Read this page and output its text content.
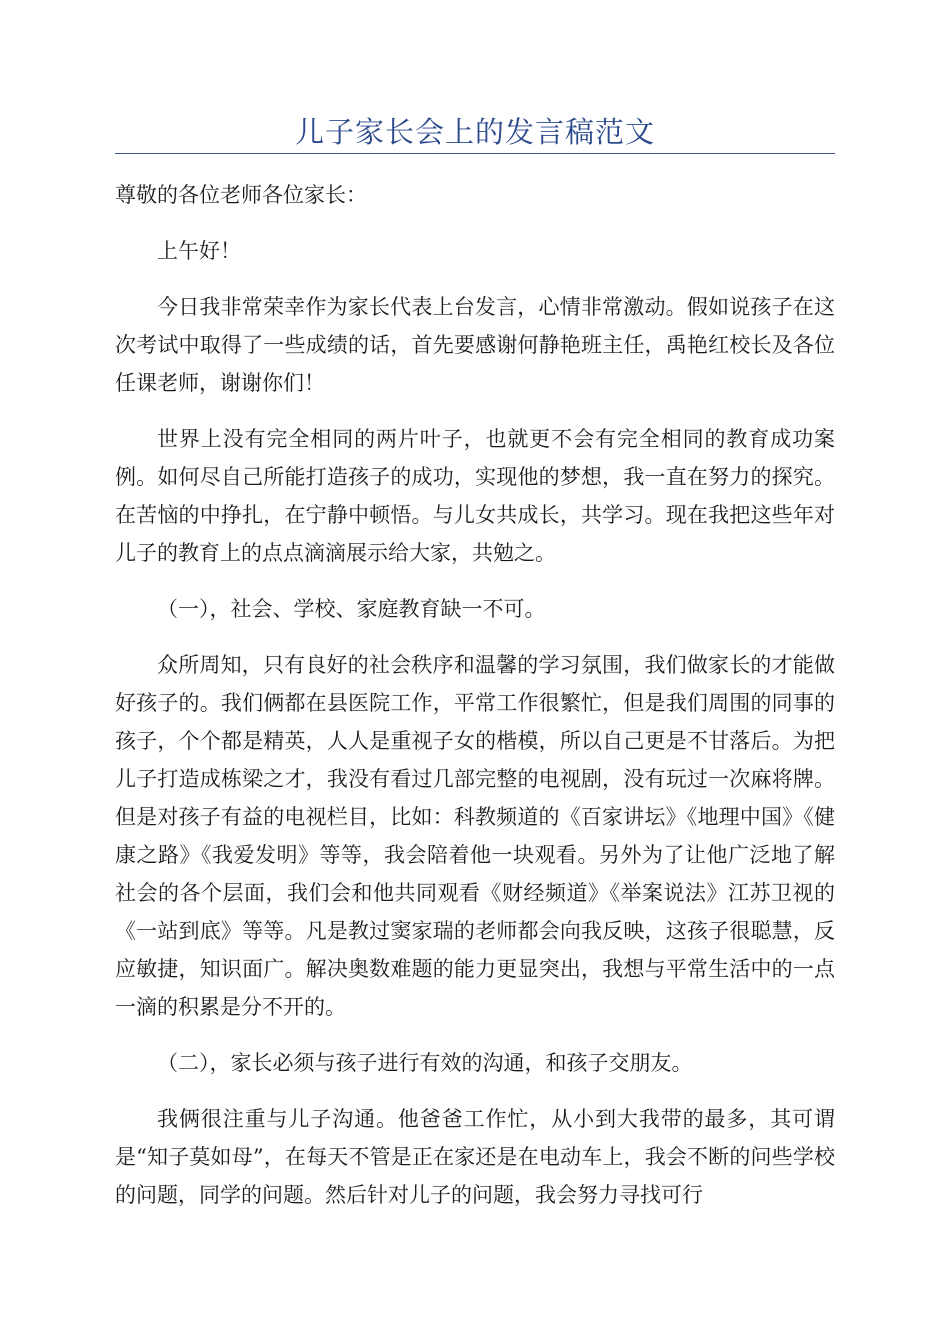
儿子家长会上的发言稿范文

尊敬的各位老师各位家长：

上午好！

今日我非常荣幸作为家长代表上台发言，心情非常激动。假如说孩子在这次考试中取得了一些成绩的话，首先要感谢何静艳班主任，禹艳红校长及各位任课老师，谢谢你们！

世界上没有完全相同的两片叶子，也就更不会有完全相同的教育成功案例。如何尽自己所能打造孩子的成功，实现他的梦想，我一直在努力的探究。在苦恼的中挣扎，在宁静中顿悟。与儿女共成长，共学习。现在我把这些年对儿子的教育上的点点滴滴展示给大家，共勉之。

（一），社会、学校、家庭教育缺一不可。

众所周知，只有良好的社会秩序和温馨的学习氛围，我们做家长的才能做好孩子的。我们俩都在县医院工作，平常工作很繁忙，但是我们周围的同事的孩子，个个都是精英，人人是重视子女的楷模，所以自己更是不甘落后。为把儿子打造成栋梁之才，我没有看过几部完整的电视剧，没有玩过一次麻将牌。但是对孩子有益的电视栏目，比如：科教频道的《百家讲坛》《地理中国》《健康之路》《我爱发明》等等，我会陪着他一块观看。另外为了让他广泛地了解社会的各个层面，我们会和他共同观看《财经频道》《举案说法》江苏卫视的《一站到底》等等。凡是教过窦家瑞的老师都会向我反映，这孩子很聪慧，反应敏捷，知识面广。解决奥数难题的能力更显突出，我想与平常生活中的一点一滴的积累是分不开的。

（二），家长必须与孩子进行有效的沟通，和孩子交朋友。

我俩很注重与儿子沟通。他爸爸工作忙，从小到大我带的最多，其可谓是“知子莫如母”，在每天不管是正在家还是在电动车上，我会不断的问些学校的问题，同学的问题。然后针对儿子的问题，我会努力寻找可行
